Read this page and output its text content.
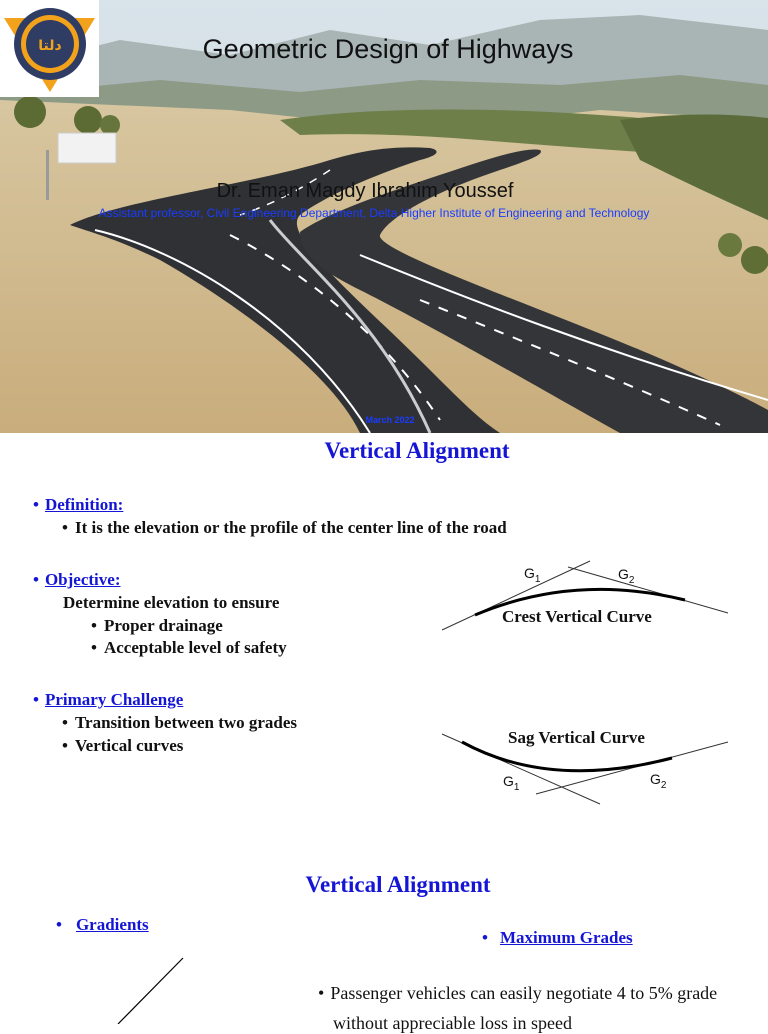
دلتا	Geometric Design of Highways
Dr. Eman Magdy Ibrahim Youssef
Assistant professor, Civil Engineering Department, Delta Higher Institute of Engineering and Technology
March 2022
Vertical Alignment
• Definition:
• It is the elevation or the profile of the center line of the road
• Objective:
Determine elevation to ensure
• Proper drainage
• Acceptable level of safety
• Primary Challenge
• Transition between two grades
• Vertical curves
$G_1$	$G_2$
Crest Vertical Curve
Sag Vertical Curve
$G_1$
$G_2$
Vertical Alignment
• Gradients
• Maximum Grades
• Passenger vehicles can easily negotiate 4 to 5% grade
without appreciable loss in speed
